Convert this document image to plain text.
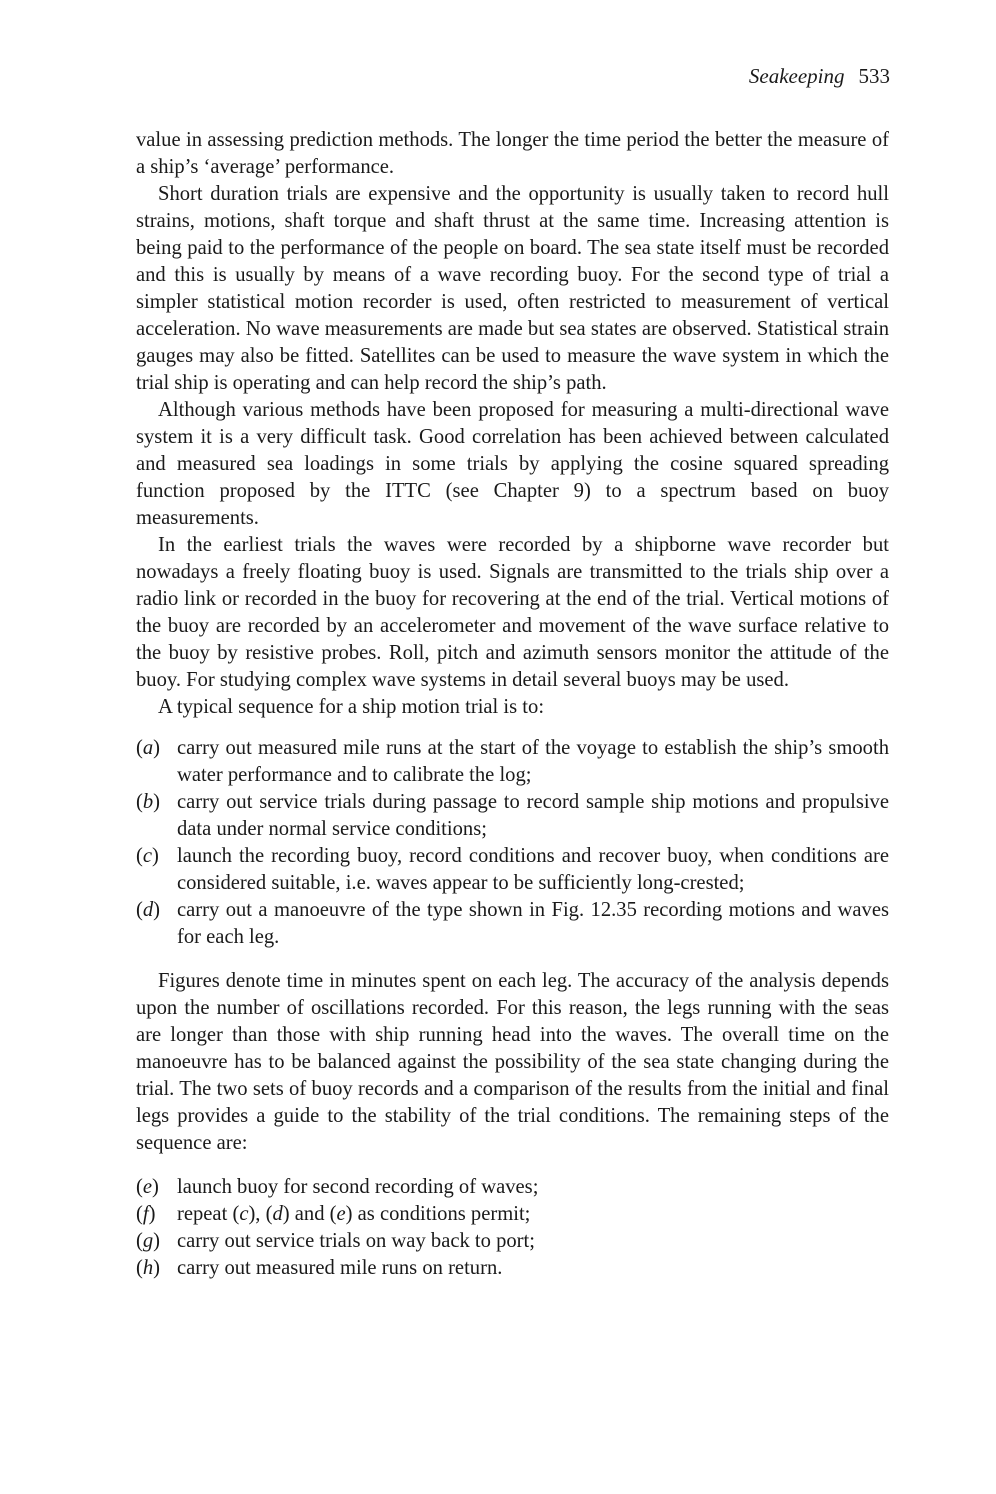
Seakeeping 533

value in assessing prediction methods. The longer the time period the better the measure of a ship’s ‘average’ performance.

Short duration trials are expensive and the opportunity is usually taken to record hull strains, motions, shaft torque and shaft thrust at the same time. Increasing attention is being paid to the performance of the people on board. The sea state itself must be recorded and this is usually by means of a wave recording buoy. For the second type of trial a simpler statistical motion recorder is used, often restricted to measurement of vertical acceleration. No wave measurements are made but sea states are observed. Statistical strain gauges may also be fitted. Satellites can be used to measure the wave system in which the trial ship is operating and can help record the ship’s path.

Although various methods have been proposed for measuring a multi-directional wave system it is a very difficult task. Good correlation has been achieved between calculated and measured sea loadings in some trials by applying the cosine squared spreading function proposed by the ITTC (see Chapter 9) to a spectrum based on buoy measurements.

In the earliest trials the waves were recorded by a shipborne wave recorder but nowadays a freely floating buoy is used. Signals are transmitted to the trials ship over a radio link or recorded in the buoy for recovering at the end of the trial. Vertical motions of the buoy are recorded by an accelerometer and movement of the wave surface relative to the buoy by resistive probes. Roll, pitch and azimuth sensors monitor the attitude of the buoy. For studying complex wave systems in detail several buoys may be used.

A typical sequence for a ship motion trial is to:

(a) carry out measured mile runs at the start of the voyage to establish the ship’s smooth water performance and to calibrate the log;
(b) carry out service trials during passage to record sample ship motions and propulsive data under normal service conditions;
(c) launch the recording buoy, record conditions and recover buoy, when conditions are considered suitable, i.e. waves appear to be sufficiently long-crested;
(d) carry out a manoeuvre of the type shown in Fig. 12.35 recording motions and waves for each leg.

Figures denote time in minutes spent on each leg. The accuracy of the analysis depends upon the number of oscillations recorded. For this reason, the legs running with the seas are longer than those with ship running head into the waves. The overall time on the manoeuvre has to be balanced against the possibility of the sea state changing during the trial. The two sets of buoy records and a comparison of the results from the initial and final legs provides a guide to the stability of the trial conditions. The remaining steps of the sequence are:

(e) launch buoy for second recording of waves;
(f) repeat (c), (d) and (e) as conditions permit;
(g) carry out service trials on way back to port;
(h) carry out measured mile runs on return.
